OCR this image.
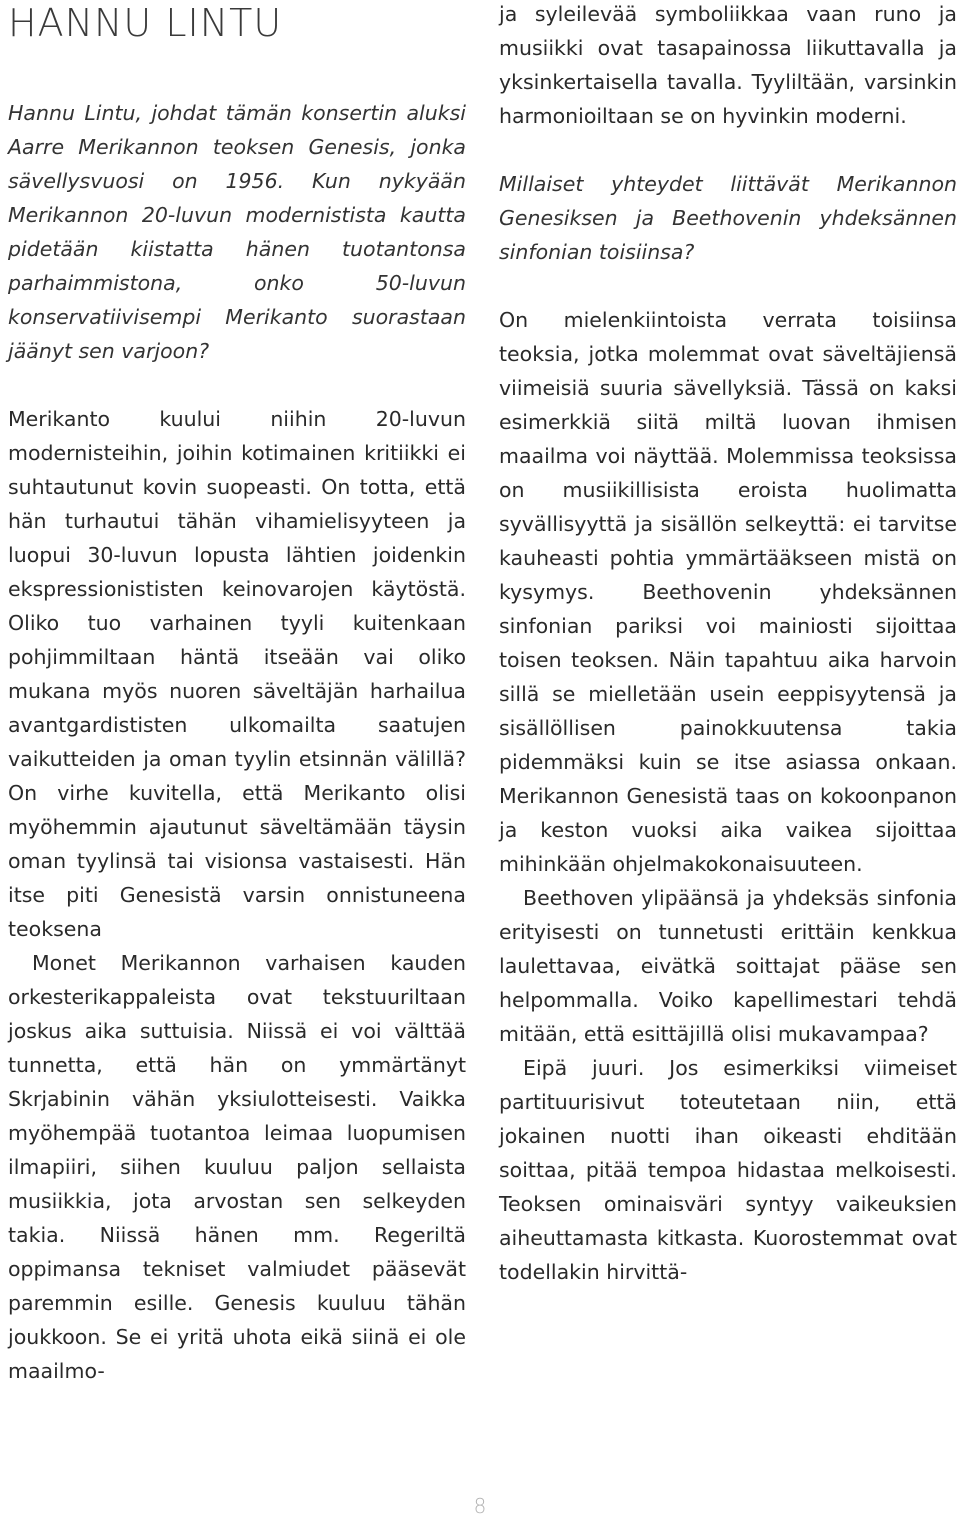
HANNU LINTU

Hannu Lintu, johdat tämän konsertin aluksi Aarre Merikannon teoksen Genesis, jonka sävellysvuosi on 1956. Kun nykyään Merikannon 20-luvun modernistista kautta pidetään kiistatta hänen tuotantonsa parhaimmistona, onko 50-luvun konservatiivisempi Merikanto suorastaan jäänyt sen varjoon?

Merikanto kuului niihin 20-luvun modernisteihin, joihin kotimainen kritiikki ei suhtautunut kovin suopeasti. On totta, että hän turhautui tähän vihamielisyyteen ja luopui 30-luvun lopusta lähtien joidenkin ekspressionististen keinovarojen käytöstä. Oliko tuo varhainen tyyli kuitenkaan pohjimmiltaan häntä itseään vai oliko mukana myös nuoren säveltäjän harhailua avantgardististen ulkomailta saatujen vaikutteiden ja oman tyylin etsinnän välillä? On virhe kuvitella, että Merikanto olisi myöhemmin ajautunut säveltämään täysin oman tyylinsä tai visionsa vastaisesti. Hän itse piti Genesistä varsin onnistuneena teoksena

Monet Merikannon varhaisen kauden orkesterikappaleista ovat tekstuuriltaan joskus aika suttuisia. Niissä ei voi välttää tunnetta, että hän on ymmärtänyt Skrjabinin vähän yksiulotteisesti. Vaikka myöhempää tuotantoa leimaa luopumisen ilmapiiri, siihen kuuluu paljon sellaista musiikkia, jota arvostan sen selkeyden takia. Niissä hänen mm. Regeriltä oppimansa tekniset valmiudet pääsevät paremmin esille. Genesis kuuluu tähän joukkoon. Se ei yritä uhota eikä siinä ei ole maailmo-

ja syleilevää symboliikkaa vaan runo ja musiikki ovat tasapainossa liikuttavalla ja yksinkertaisella tavalla. Tyyliltään, varsinkin harmonioiltaan se on hyvinkin moderni.

Millaiset yhteydet liittävät Merikannon Genesiksen ja Beethovenin yhdeksännen sinfonian toisiinsa?

On mielenkiintoista verrata toisiinsa teoksia, jotka molemmat ovat säveltäjiensä viimeisiä suuria sävellyksiä. Tässä on kaksi esimerkkiä siitä miltä luovan ihmisen maailma voi näyttää. Molemmissa teoksissa on musiikillisista eroista huolimatta syvällisyyttä ja sisällön selkeyttä: ei tarvitse kauheasti pohtia ymmärtääkseen mistä on kysymys. Beethovenin yhdeksännen sinfonian pariksi voi mainiosti sijoittaa toisen teoksen. Näin tapahtuu aika harvoin sillä se mielletään usein eeppisyytensä ja sisällöllisen painokkuutensa takia pidemmäksi kuin se itse asiassa onkaan. Merikannon Genesistä taas on kokoonpanon ja keston vuoksi aika vaikea sijoittaa mihinkään ohjelmakokonaisuuteen.

Beethoven ylipäänsä ja yhdeksäs sinfonia erityisesti on tunnetusti erittäin kenkkua laulettavaa, eivätkä soittajat pääse sen helpommalla. Voiko kapellimestari tehdä mitään, että esittäjillä olisi mukavampaa?

Eipä juuri. Jos esimerkiksi viimeiset partituurisivut toteutetaan niin, että jokainen nuotti ihan oikeasti ehditään soittaa, pitää tempoa hidastaa melkoisesti. Teoksen ominaisväri syntyy vaikeuksien aiheuttamasta kitkasta. Kuorostemmat ovat todellakin hirvittä-

8
